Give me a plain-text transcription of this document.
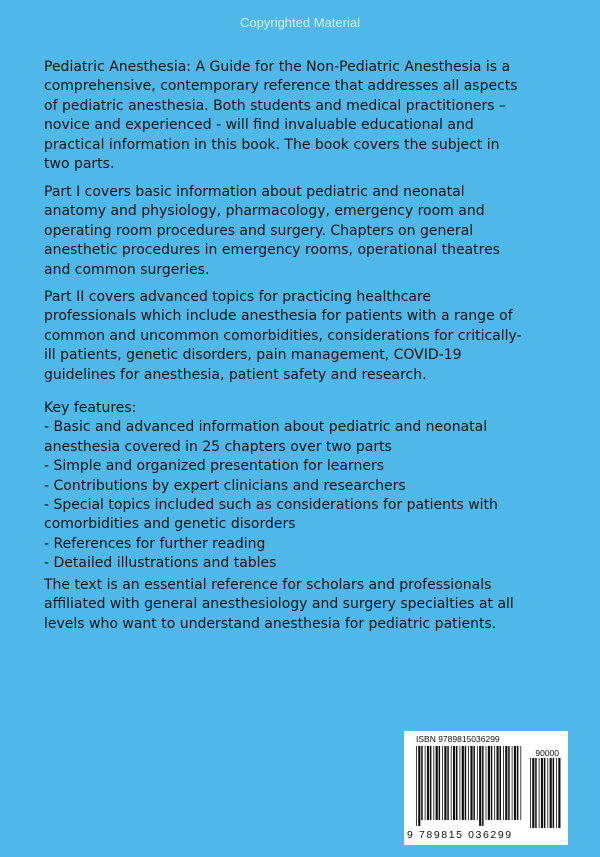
Copyrighted Material

Pediatric Anesthesia: A Guide for the Non-Pediatric Anesthesia is a
comprehensive, contemporary reference that addresses all aspects
of pediatric anesthesia. Both students and medical practitioners –
novice and experienced - will find invaluable educational and
practical information in this book. The book covers the subject in
two parts.

Part I covers basic information about pediatric and neonatal
anatomy and physiology, pharmacology, emergency room and
operating room procedures and surgery. Chapters on general
anesthetic procedures in emergency rooms, operational theatres
and common surgeries.

Part II covers advanced topics for practicing healthcare
professionals which include anesthesia for patients with a range of
common and uncommon comorbidities, considerations for critically-
ill patients, genetic disorders, pain management, COVID-19
guidelines for anesthesia, patient safety and research.

Key features:
- Basic and advanced information about pediatric and neonatal
anesthesia covered in 25 chapters over two parts
- Simple and organized presentation for learners
- Contributions by expert clinicians and researchers
- Special topics included such as considerations for patients with
comorbidities and genetic disorders
- References for further reading
- Detailed illustrations and tables

The text is an essential reference for scholars and professionals
affiliated with general anesthesiology and surgery specialties at all
levels who want to understand anesthesia for pediatric patients.

ISBN 9789815036299
90000
9 789815 036299
